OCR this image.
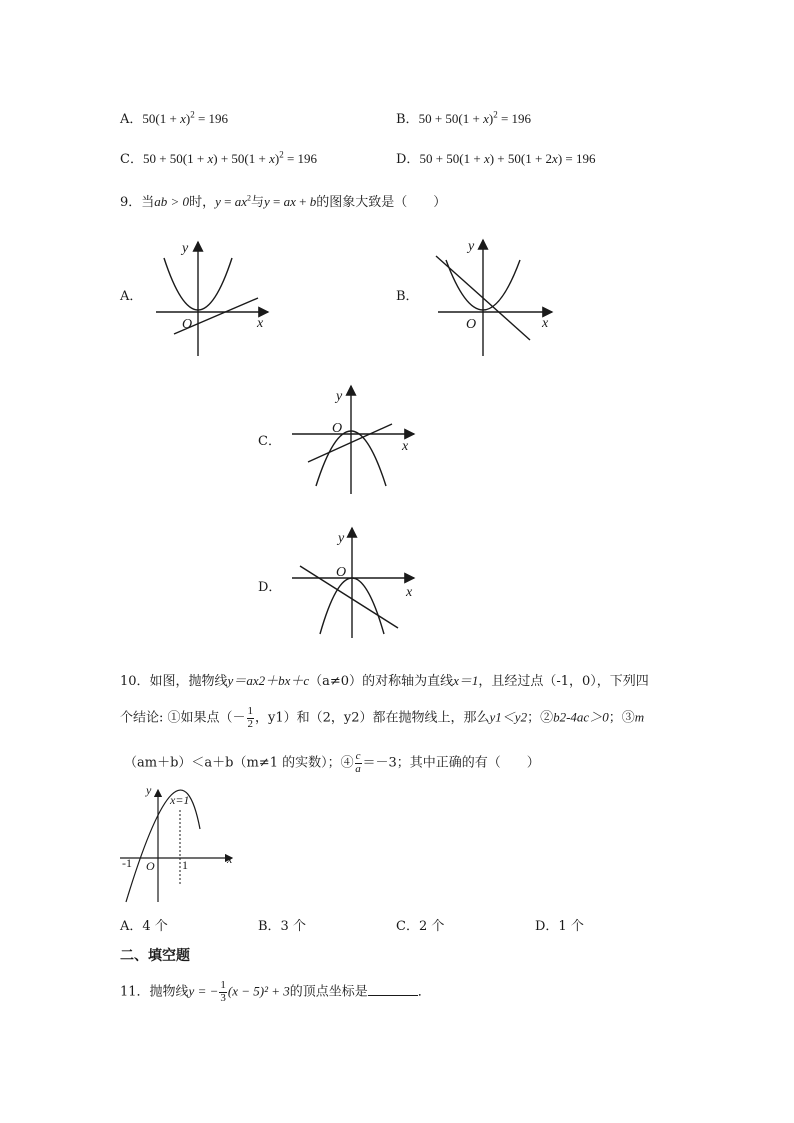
A．$50(1 + x)^2 = 196$	B．$50 + 50(1 + x)^2 = 196$
C．$50 + 50(1 + x) + 50(1 + x)^2 = 196$	D．50 + 50(1 + x) + 50(1 + 2x) = 196
9．当ab > 0时，$y = ax^2$与y = ax + b的图象大致是（　　）
A．
y
x
O
B．
y
x
O
C．
y
x
O
D．
y
x
O
10．如图，抛物线y＝ax2＋bx＋c（a≠0）的对称轴为直线x＝1，且经过点（-1，0），下列四
个结论: ①如果点（－ $\frac{1}{2}$ ，y1）和（2，y2）都在抛物线上，那么y1＜y2；②b2-4ac＞0；③m
（am＋b）＜a＋b（m≠1 的实数）；④ $\frac{c}{a} =-3$；其中正确的有（　　）
y
x
x=1
O
-1	1
A．4 个	B．3 个	C．2 个	D．1 个
二、填空题
11．抛物线y = − $\frac{1}{3} (x - 5)^2 + 3$的顶点坐标是	．
